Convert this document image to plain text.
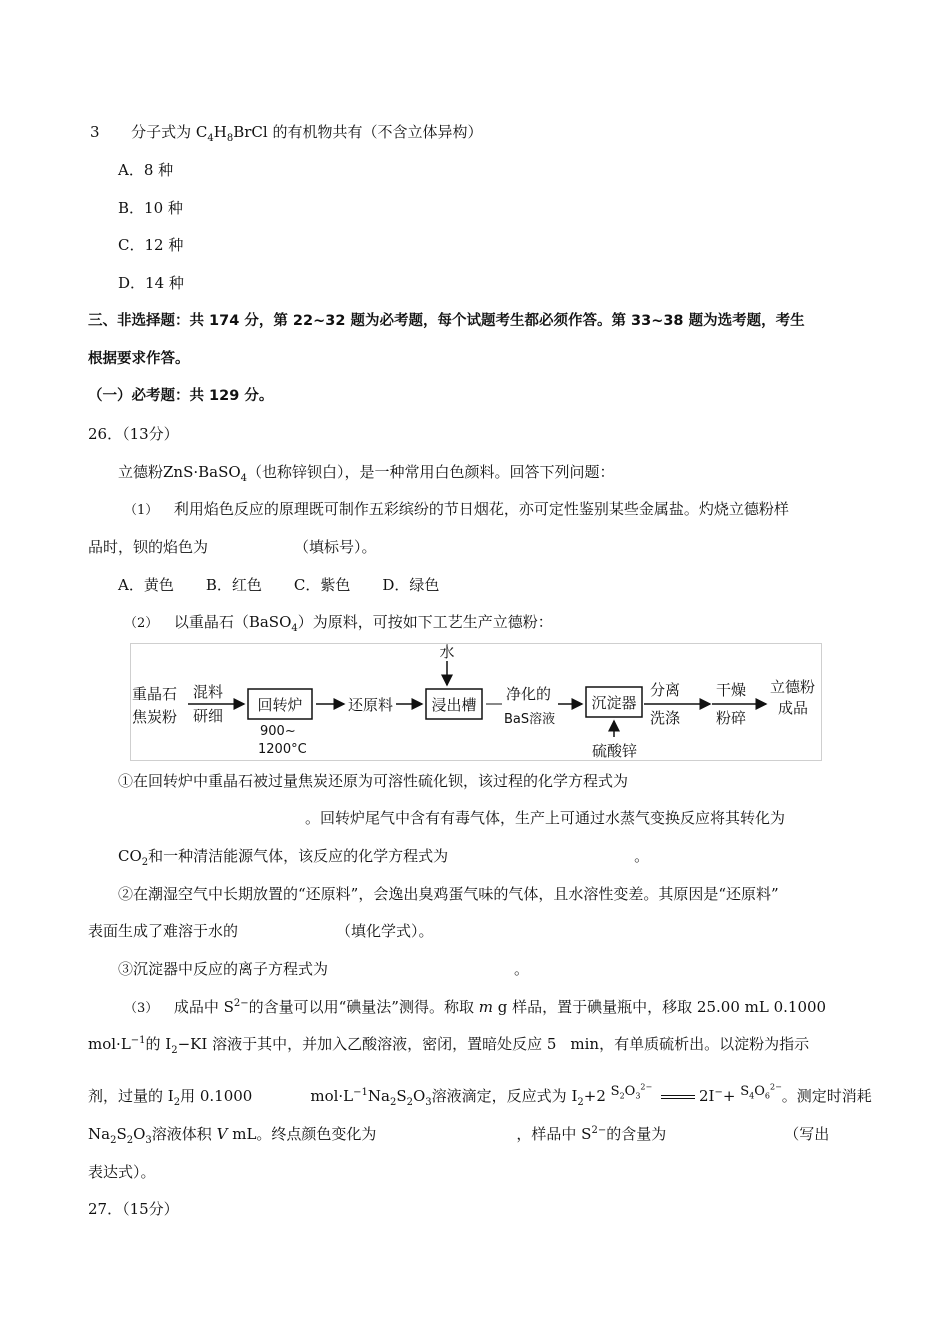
3 分子式为 $C_4H_8BrCl$ 的有机物共有（不含立体异构）
A．8 种
B．10 种
C．12 种
D．14 种
三、非选择题：共 174 分，第 22~32 题为必考题，每个试题考生都必须作答。第 33~38 题为选考题，考生
根据要求作答。
（一）必考题：共 129 分。
26．（13分）
立德粉ZnS·BaSO$_4$（也称锌钡白），是一种常用白色颜料。回答下列问题：
（1） 利用焰色反应的原理既可制作五彩缤纷的节日烟花，亦可定性鉴别某些金属盐。灼烧立德粉样
品时，钡的焰色为	（填标号）。
A．黄色 B．红色 C．紫色 D．绿色
（2） 以重晶石（BaSO$_4$）为原料，可按如下工艺生产立德粉：
重晶石
焦炭粉
混料
研细
回转炉
900~
1200°C
还原料
水
浸出槽
净化的
BaS溶液
沉淀器
硫酸锌
分离
洗涤
干燥
粉碎
立德粉
成品
①在回转炉中重晶石被过量焦炭还原为可溶性硫化钡，该过程的化学方程式为
。回转炉尾气中含有有毒气体，生产上可通过水蒸气变换反应将其转化为
$CO_2$和一种清洁能源气体，该反应的化学方程式为	。
②在潮湿空气中长期放置的“还原料”，会逸出臭鸡蛋气味的气体，且水溶性变差。其原因是“还原料”
表面生成了难溶于水的	（填化学式）。
③沉淀器中反应的离子方程式为	。
（3） 成品中 $S^{2-}$的含量可以用“碘量法”测得。称取 m g 样品，置于碘量瓶中，移取 25.00 mL 0.1000
$mol\cdot L^{-1}$的 $I_2-KI$ 溶液于其中，并加入乙酸溶液，密闭，置暗处反应 5 min，有单质硫析出。以淀粉为指示
剂，过量的 $I_2$用 0.1000	$mol\cdot L^{-1}Na_2S_2O_3$溶液滴定，反应式为 $I_2+2$ $S_2O_3^{2-}$	$2I^-+ S_4O_6^{2-}$。测定时消耗
$Na_2S_2O_3$溶液体积 V mL。终点颜色变化为	，样品中 $S^{2-}$的含量为	（写出
表达式）。
27．（15分）
